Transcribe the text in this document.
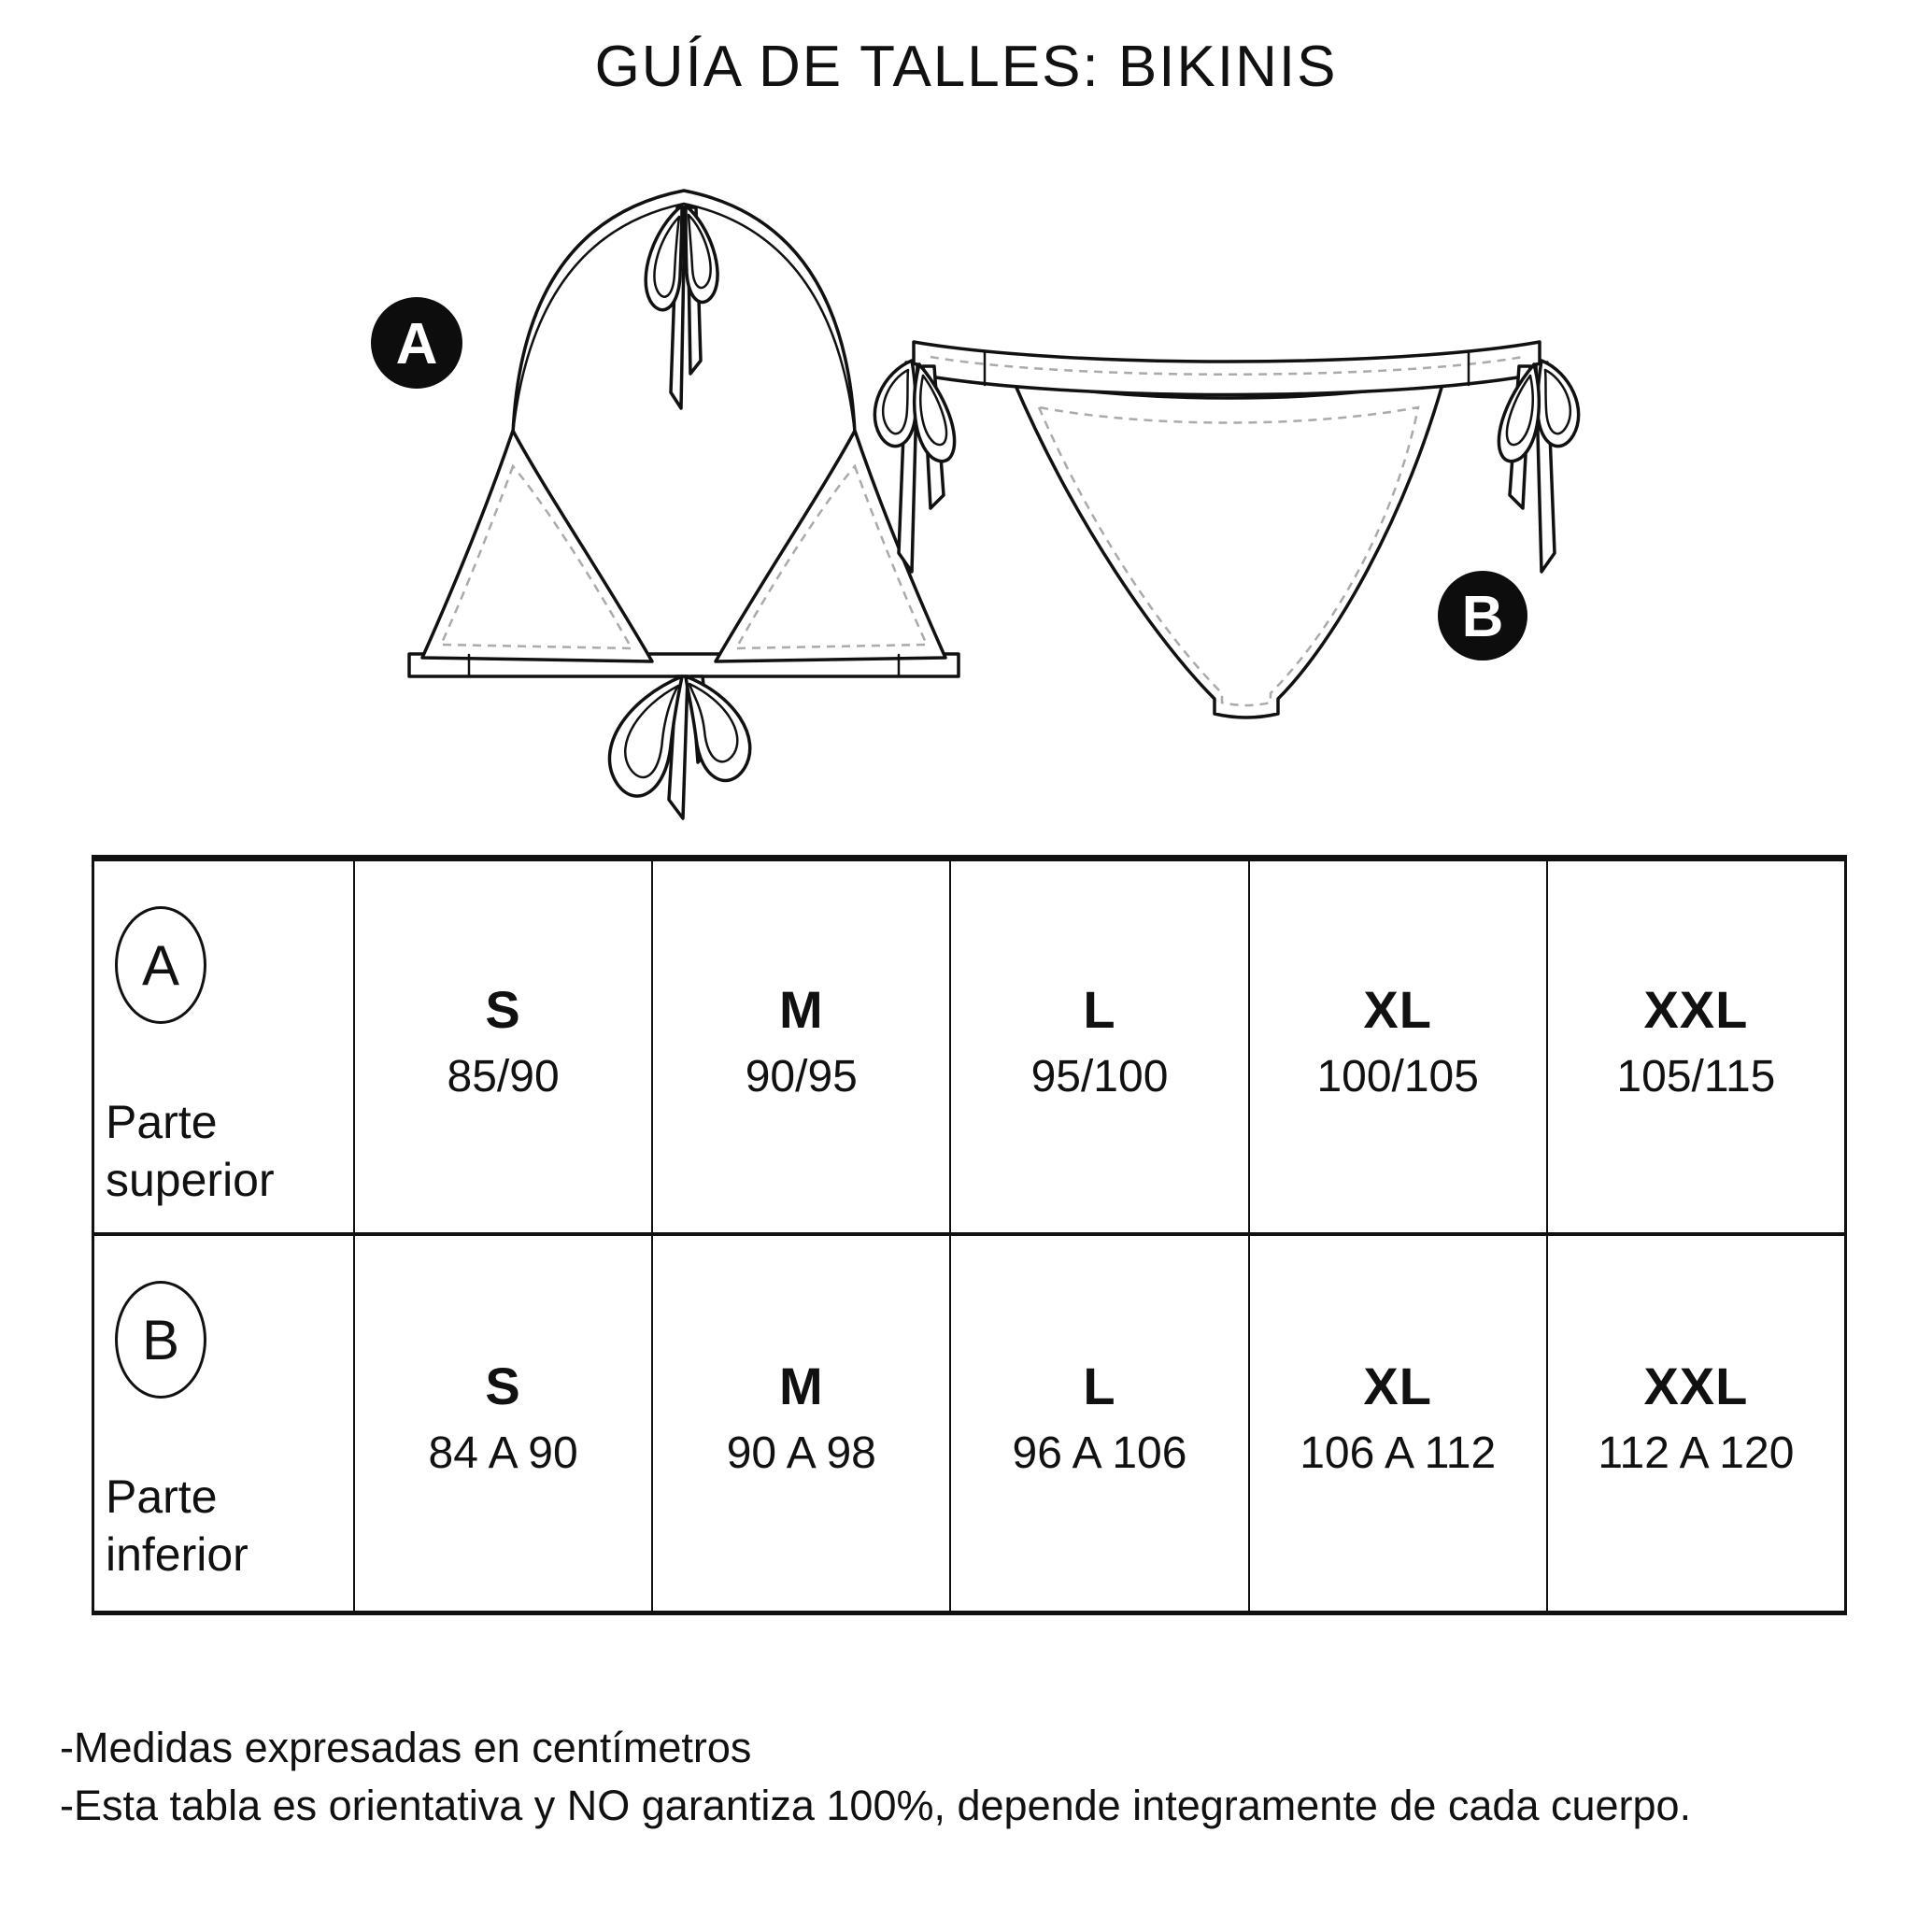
GUÍA DE TALLES: BIKINIS
A
B
A
Parte
superior
S
85/90
M
90/95
L
95/100
XL
100/105
XXL
105/115
B
Parte
inferior
S
84 A 90
M
90 A 98
L
96 A 106
XL
106 A 112
XXL
112 A 120
-Medidas expresadas en centímetros
-Esta tabla es orientativa y NO garantiza 100%, depende integramente de cada cuerpo.
